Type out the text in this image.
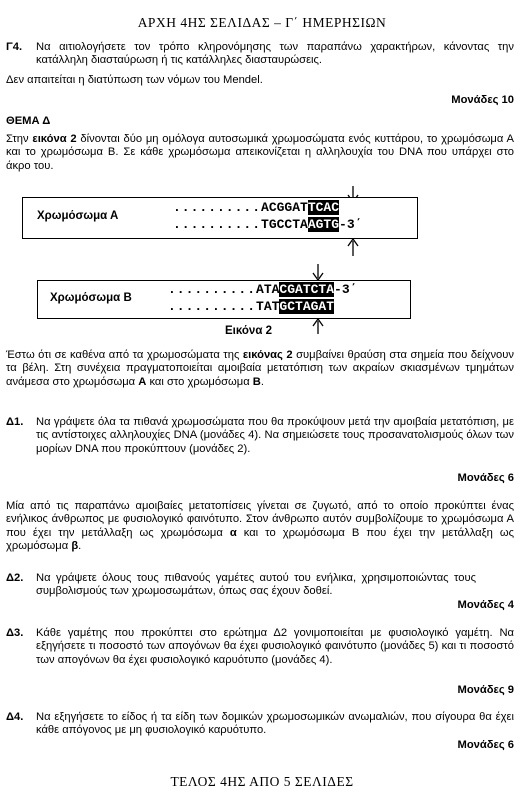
ΑΡΧΗ 4ΗΣ ΣΕΛΙΔΑΣ – Γ΄ ΗΜΕΡΗΣΙΩΝ
Γ4. Να αιτιολογήσετε τον τρόπο κληρονόμησης των παραπάνω χαρακτήρων, κάνοντας την κατάλληλη διασταύρωση ή τις κατάλληλες διασταυρώσεις.
Δεν απαιτείται η διατύπωση των νόμων του Mendel.
Μονάδες 10
ΘΕΜΑ Δ
Στην εικόνα 2 δίνονται δύο μη ομόλογα αυτοσωμικά χρωμοσώματα ενός κυττάρου, το χρωμόσωμα Α και το χρωμόσωμα Β. Σε κάθε χρωμόσωμα απεικονίζεται η αλληλουχία του DNA που υπάρχει στο άκρο του.
Χρωμόσωμα Α
..........ACGGATTCAC
..........TGCCTAAGTG-3΄
Χρωμόσωμα Β
..........ATACGATCTA-3΄
..........TATGCTAGAT
Εικόνα 2
Έστω ότι σε καθένα από τα χρωμοσώματα της εικόνας 2 συμβαίνει θραύση στα σημεία που δείχνουν τα βέλη. Στη συνέχεια πραγματοποιείται αμοιβαία μετατόπιση των ακραίων σκιασμένων τμημάτων ανάμεσα στο χρωμόσωμα Α και στο χρωμόσωμα Β.
Δ1. Να γράψετε όλα τα πιθανά χρωμοσώματα που θα προκύψουν μετά την αμοιβαία μετατόπιση, με τις αντίστοιχες αλληλουχίες DNA (μονάδες 4). Να σημειώσετε τους προσανατολισμούς όλων των μορίων DNA που προκύπτουν (μονάδες 2).
Μονάδες 6
Μία από τις παραπάνω αμοιβαίες μετατοπίσεις γίνεται σε ζυγωτό, από το οποίο προκύπτει ένας ενήλικος άνθρωπος με φυσιολογικό φαινότυπο. Στον άνθρωπο αυτόν συμβολίζουμε το χρωμόσωμα Α που έχει την μετάλλαξη ως χρωμόσωμα α και το χρωμόσωμα Β που έχει την μετάλλαξη ως χρωμόσωμα β.
Δ2. Να γράψετε όλους τους πιθανούς γαμέτες αυτού του ενήλικα, χρησιμοποιώντας τους συμβολισμούς των χρωμοσωμάτων, όπως σας έχουν δοθεί.
Μονάδες 4
Δ3. Κάθε γαμέτης που προκύπτει στο ερώτημα Δ2 γονιμοποιείται με φυσιολογικό γαμέτη. Να εξηγήσετε τι ποσοστό των απογόνων θα έχει φυσιολογικό φαινότυπο (μονάδες 5) και τι ποσοστό των απογόνων θα έχει φυσιολογικό καρυότυπο (μονάδες 4).
Μονάδες 9
Δ4. Να εξηγήσετε το είδος ή τα είδη των δομικών χρωμοσωμικών ανωμαλιών, που σίγουρα θα έχει κάθε απόγονος με μη φυσιολογικό καρυότυπο.
Μονάδες 6
ΤΕΛΟΣ 4ΗΣ ΑΠΟ 5 ΣΕΛΙΔΕΣ
